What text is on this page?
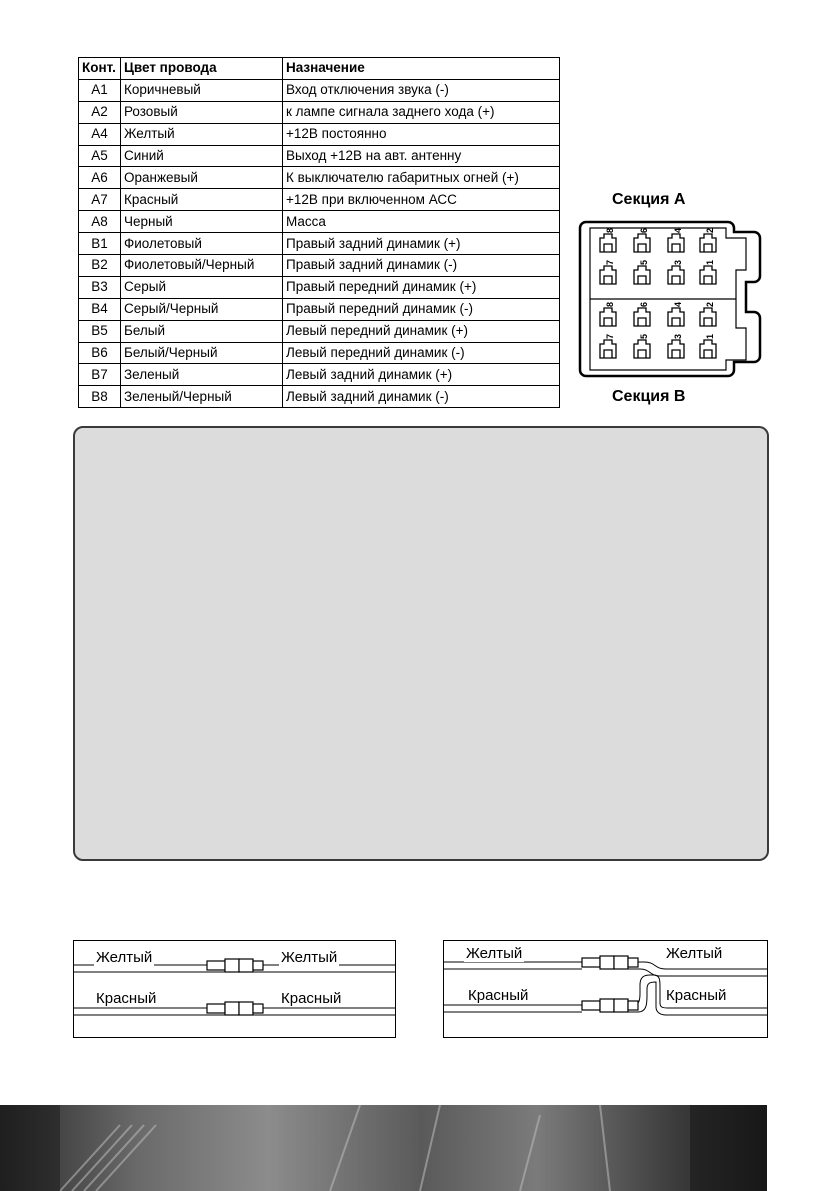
Конт.	Цвет провода	Назначение
A1	Коричневый	Вход отключения звука (-)
A2	Розовый	к лампе сигнала заднего хода (+)
A4	Желтый	+12В постоянно
A5	Синий	Выход +12В на авт. антенну
A6	Оранжевый	К выключателю габаритных огней (+)
A7	Красный	+12В при включенном АСС
A8	Черный	Масса
B1	Фиолетовый	Правый задний динамик (+)
B2	Фиолетовый/Черный	Правый задний динамик (-)
B3	Серый	Правый передний динамик (+)
B4	Серый/Черный	Правый передний динамик (-)
B5	Белый	Левый передний динамик (+)
B6	Белый/Черный	Левый передний динамик (-)
B7	Зеленый	Левый задний динамик (+)
B8	Зеленый/Черный	Левый задний динамик (-)
Секция A
8	6	4 2
7	5	3 1
8	6	4 2
7	5	3 1
Секция B
Желтый	Желтый
Красный	Красный
Желтый	Желтый
Красный	Красный
